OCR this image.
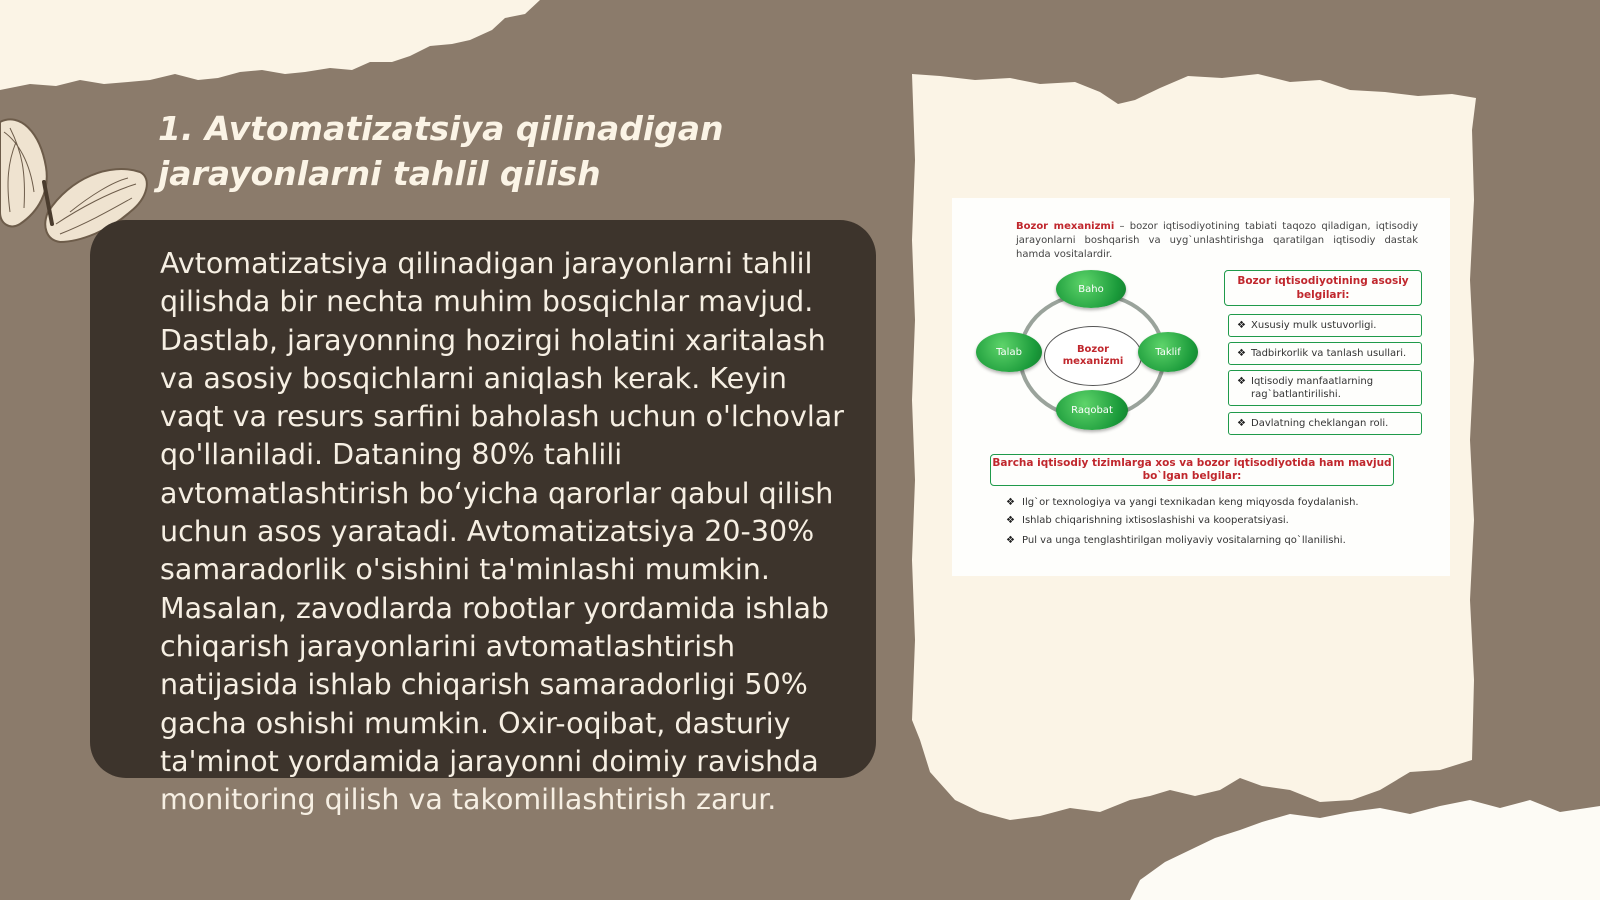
1. Avtomatizatsiya qilinadigan
jarayonlarni tahlil qilish
Avtomatizatsiya qilinadigan jarayonlarni tahlil qilishda bir nechta muhim bosqichlar mavjud. Dastlab, jarayonning hozirgi holatini xaritalash va asosiy bosqichlarni aniqlash kerak. Keyin vaqt va resurs sarfini baholash uchun o'lchovlar qo'llaniladi. Dataning 80% tahlili avtomatlashtirish bo‘yicha qarorlar qabul qilish uchun asos yaratadi. Avtomatizatsiya 20-30% samaradorlik o'sishini ta'minlashi mumkin. Masalan, zavodlarda robotlar yordamida ishlab chiqarish jarayonlarini avtomatlashtirish natijasida ishlab chiqarish samaradorligi 50% gacha oshishi mumkin. Oxir-oqibat, dasturiy ta'minot yordamida jarayonni doimiy ravishda monitoring qilish va takomillashtirish zarur.
Bozor mexanizmi – bozor iqtisodiyotining tabiati taqozo qiladigan, iqtisodiy jarayonlarni boshqarish va uyg`unlashtirishga qaratilgan iqtisodiy dastak hamda vositalardir.
Bozor mexanizmi
Baho
Taklif
Raqobat
Talab
Bozor iqtisodiyotining asosiy belgilari:
❖ Xususiy mulk ustuvorligi.
❖ Tadbirkorlik va tanlash usullari.
❖ Iqtisodiy manfaatlarning rag`batlantirilishi.
❖ Davlatning cheklangan roli.
Barcha iqtisodiy tizimlarga xos va bozor iqtisodiyotida ham mavjud bo`lgan belgilar:
❖ Ilg`or texnologiya va yangi texnikadan keng miqyosda foydalanish.
❖ Ishlab chiqarishning ixtisoslashishi va kooperatsiyasi.
❖ Pul va unga tenglashtirilgan moliyaviy vositalarning qo`llanilishi.
